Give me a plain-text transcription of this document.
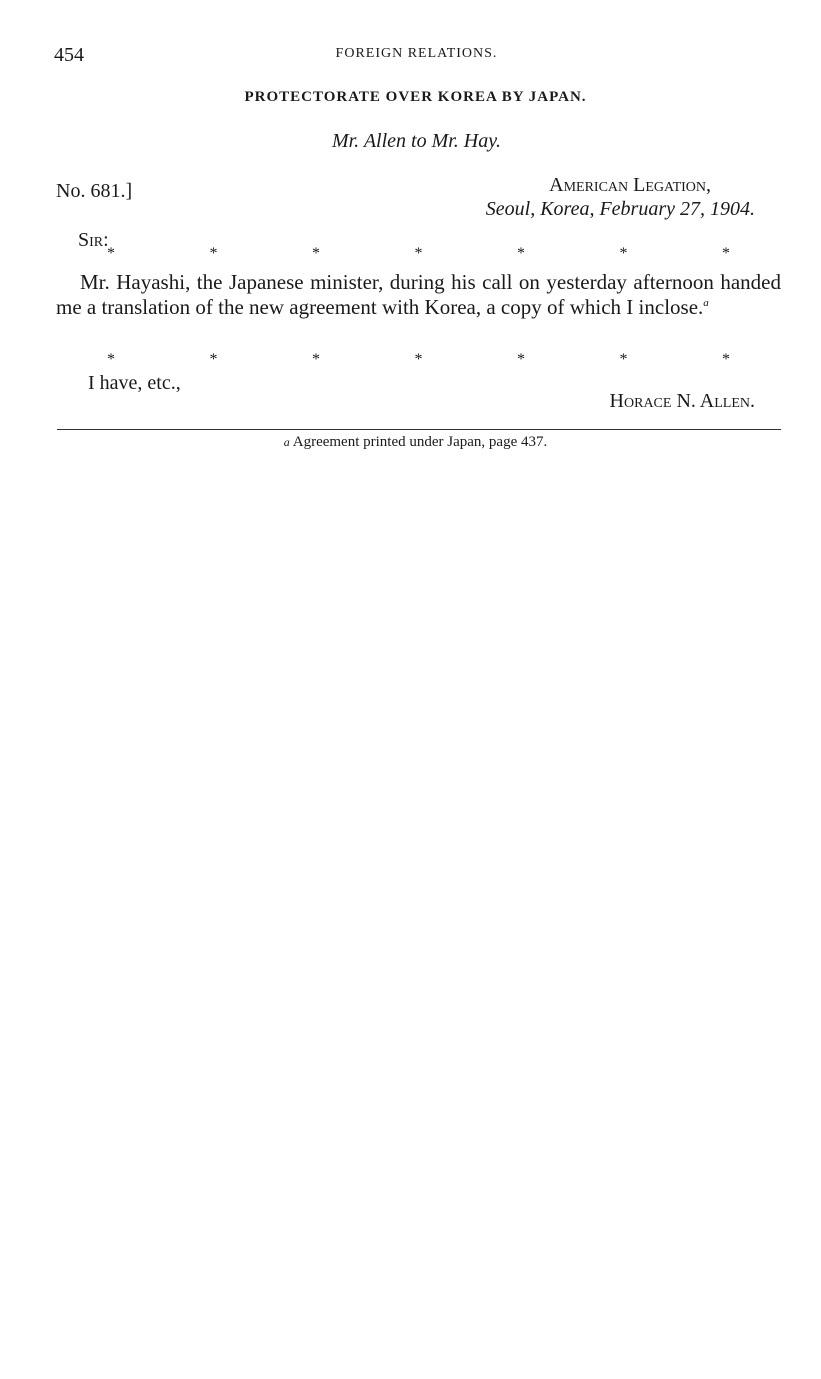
454	FOREIGN RELATIONS.
PROTECTORATE OVER KOREA BY JAPAN.
Mr. Allen to Mr. Hay.
No. 681.]	American Legation,
Seoul, Korea, February 27, 1904.
Sir:
*	*	*	*	*	*	*

Mr. Hayashi, the Japanese minister, during his call on yesterday afternoon handed me a translation of the new agreement with Korea, a copy of which I inclose.$^a$

*	*	*	*	*	*	*
I have, etc.,
Horace N. Allen.
a Agreement printed under Japan, page 437.
